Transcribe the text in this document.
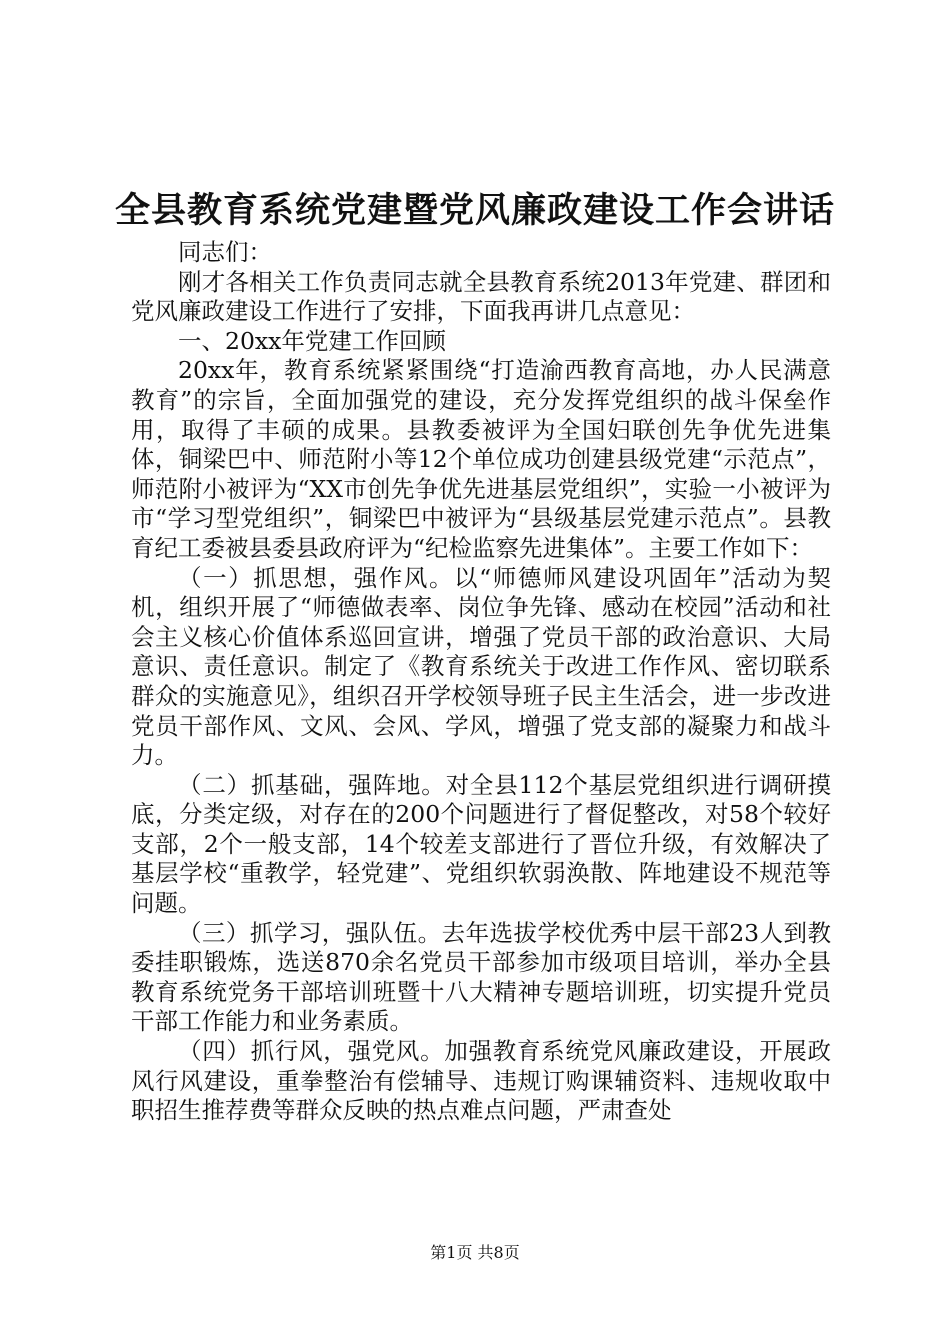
全县教育系统党建暨党风廉政建设工作会讲话

同志们：

刚才各相关工作负责同志就全县教育系统2013年党建、群团和党风廉政建设工作进行了安排，下面我再讲几点意见：

一、20xx年党建工作回顾

20xx年，教育系统紧紧围绕“打造渝西教育高地，办人民满意教育”的宗旨，全面加强党的建设，充分发挥党组织的战斗保垒作用，取得了丰硕的成果。县教委被评为全国妇联创先争优先进集体，铜梁巴中、师范附小等12个单位成功创建县级党建“示范点”，师范附小被评为“XX市创先争优先进基层党组织”，实验一小被评为市“学习型党组织”，铜梁巴中被评为“县级基层党建示范点”。县教育纪工委被县委县政府评为“纪检监察先进集体”。主要工作如下：

（一）抓思想，强作风。以“师德师风建设巩固年”活动为契机，组织开展了“师德做表率、岗位争先锋、感动在校园”活动和社会主义核心价值体系巡回宣讲，增强了党员干部的政治意识、大局意识、责任意识。制定了《教育系统关于改进工作作风、密切联系群众的实施意见》，组织召开学校领导班子民主生活会，进一步改进党员干部作风、文风、会风、学风，增强了党支部的凝聚力和战斗力。

（二）抓基础，强阵地。对全县112个基层党组织进行调研摸底，分类定级，对存在的200个问题进行了督促整改，对58个较好支部，2个一般支部，14个较差支部进行了晋位升级，有效解决了基层学校“重教学，轻党建”、党组织软弱涣散、阵地建设不规范等问题。

（三）抓学习，强队伍。去年选拔学校优秀中层干部23人到教委挂职锻炼，选送870余名党员干部参加市级项目培训，举办全县教育系统党务干部培训班暨十八大精神专题培训班，切实提升党员干部工作能力和业务素质。

（四）抓行风，强党风。加强教育系统党风廉政建设，开展政风行风建设，重拳整治有偿辅导、违规订购课辅资料、违规收取中职招生推荐费等群众反映的热点难点问题，严肃查处

第1页 共8页
